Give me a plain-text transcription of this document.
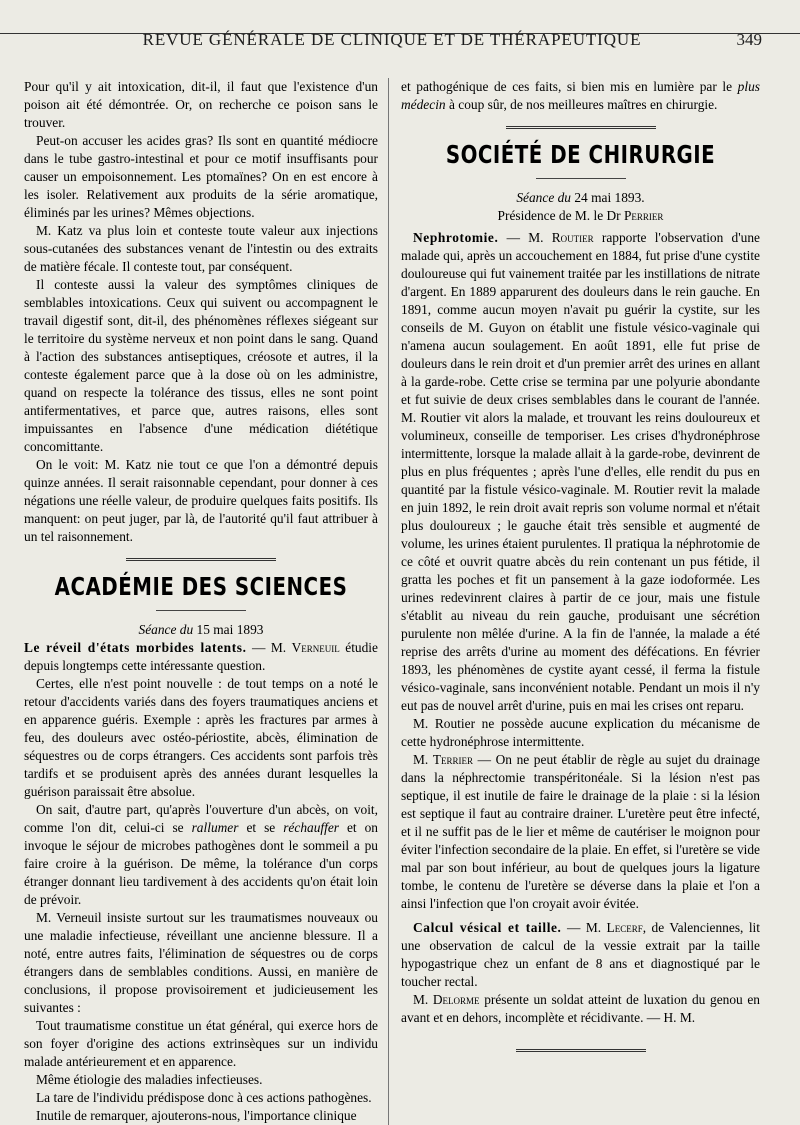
REVUE GÉNÉRALE DE CLINIQUE ET DE THÉRAPEUTIQUE	349

Pour qu'il y ait intoxication, dit-il, il faut que l'existence d'un poison ait été démontrée. Or, on recherche ce poison sans le trouver.

Peut-on accuser les acides gras? Ils sont en quantité médiocre dans le tube gastro-intestinal et pour ce motif insuffisants pour causer un empoisonnement. Les ptomaïnes? On en est encore à les isoler. Relativement aux produits de la série aromatique, éliminés par les urines? Mêmes objections.

M. Katz va plus loin et conteste toute valeur aux injections sous-cutanées des substances venant de l'intestin ou des extraits de matière fécale. Il conteste tout, par conséquent.

Il conteste aussi la valeur des symptômes cliniques de semblables intoxications. Ceux qui suivent ou accompagnent le travail digestif sont, dit-il, des phénomènes réflexes siégeant sur le territoire du système nerveux et non point dans le sang. Quand à l'action des substances antiseptiques, créosote et autres, il la conteste également parce que à la dose où on les administre, quand on respecte la tolérance des tissus, elles ne sont point antifermentatives, et parce que, autres raisons, elles sont impuissantes en l'absence d'une médication diététique concomittante.

On le voit: M. Katz nie tout ce que l'on a démontré depuis quinze années. Il serait raisonnable cependant, pour donner à ces négations une réelle valeur, de produire quelques faits positifs. Ils manquent: on peut juger, par là, de l'autorité qu'il faut attribuer à un tel raisonnement.

ACADÉMIE DES SCIENCES
Séance du 15 mai 1893

Le réveil d'états morbides latents. — M. Verneuil étudie depuis longtemps cette intéressante question.

Certes, elle n'est point nouvelle : de tout temps on a noté le retour d'accidents variés dans des foyers traumatiques anciens et en apparence guéris. Exemple : après les fractures par armes à feu, des douleurs avec ostéo-périostite, abcès, élimination de séquestres ou de corps étrangers. Ces accidents sont parfois très tardifs et se produisent après des années durant lesquelles la guérison paraissait être absolue.

On sait, d'autre part, qu'après l'ouverture d'un abcès, on voit, comme l'on dit, celui-ci se rallumer et se réchauffer et on invoque le séjour de microbes pathogènes dont le sommeil a pu faire croire à la guérison. De même, la tolérance d'un corps étranger donnant lieu tardivement à des accidents qu'on était loin de prévoir.

M. Verneuil insiste surtout sur les traumatismes nouveaux ou une maladie infectieuse, réveillant une ancienne blessure. Il a noté, entre autres faits, l'élimination de séquestres ou de corps étrangers dans de semblables conditions. Aussi, en manière de conclusions, il propose provisoirement et judicieusement les suivantes :

Tout traumatisme constitue un état général, qui exerce hors de son foyer d'origine des actions extrinsèques sur un individu malade antérieurement et en apparence.

Même étiologie des maladies infectieuses.

La tare de l'individu prédispose donc à ces actions pathogènes.

Inutile de remarquer, ajouterons-nous, l'importance clinique

et pathogénique de ces faits, si bien mis en lumière par le plus médecin à coup sûr, de nos meilleures maîtres en chirurgie.

SOCIÉTÉ DE CHIRURGIE
Séance du 24 mai 1893.
Présidence de M. le Dr Perrier

Nephrotomie. — M. Routier rapporte l'observation d'une malade qui, après un accouchement en 1884, fut prise d'une cystite douloureuse qui fut vainement traitée par les instillations de nitrate d'argent. En 1889 apparurent des douleurs dans le rein gauche. En 1891, comme aucun moyen n'avait pu guérir la cystite, sur les conseils de M. Guyon on établit une fistule vésico-vaginale qui n'amena aucun soulagement. En août 1891, elle fut prise de douleurs dans le rein droit et d'un premier arrêt des urines en allant à la garde-robe. Cette crise se termina par une polyurie abondante et fut suivie de deux crises semblables dans le courant de l'année. M. Routier vit alors la malade, et trouvant les reins douloureux et volumineux, conseille de temporiser. Les crises d'hydronéphrose intermittente, lorsque la malade allait à la garde-robe, devinrent de plus en plus fréquentes ; après l'une d'elles, elle rendit du pus en quantité par la fistule vésico-vaginale. M. Routier revit la malade en juin 1892, le rein droit avait repris son volume normal et n'était plus douloureux ; le gauche était très sensible et augmenté de volume, les urines étaient purulentes. Il pratiqua la néphrotomie de ce côté et ouvrit quatre abcès du rein contenant un pus fétide, il gratta les poches et fit un pansement à la gaze iodoformée. Les urines redevinrent claires à partir de ce jour, mais une fistule s'établit au niveau du rein gauche, produisant une sécrétion purulente non mêlée d'urine. A la fin de l'année, la malade a été reprise des arrêts d'urine au moment des défécations. En février 1893, les phénomènes de cystite ayant cessé, il ferma la fistule vésico-vaginale, sans inconvénient notable. Pendant un mois il n'y eut pas de nouvel arrêt d'urine, puis en mai les crises ont reparu.

M. Routier ne possède aucune explication du mécanisme de cette hydronéphrose intermittente.

M. Terrier — On ne peut établir de règle au sujet du drainage dans la néphrectomie transpéritonéale. Si la lésion n'est pas septique, il est inutile de faire le drainage de la plaie : si la lésion est septique il faut au contraire drainer. L'uretère peut être infecté, et il ne suffit pas de le lier et même de cautériser le moignon pour éviter l'infection secondaire de la plaie. En effet, si l'uretère se vide mal par son bout inférieur, au bout de quelques jours la ligature tombe, le contenu de l'uretère se déverse dans la plaie et l'on a ainsi l'infection que l'on croyait avoir évitée.

Calcul vésical et taille. — M. Lecerf, de Valenciennes, lit une observation de calcul de la vessie extrait par la taille hypogastrique chez un enfant de 8 ans et diagnostiqué par le toucher rectal.

M. Delorme présente un soldat atteint de luxation du genou en avant et en dehors, incomplète et récidivante. — H. M.
